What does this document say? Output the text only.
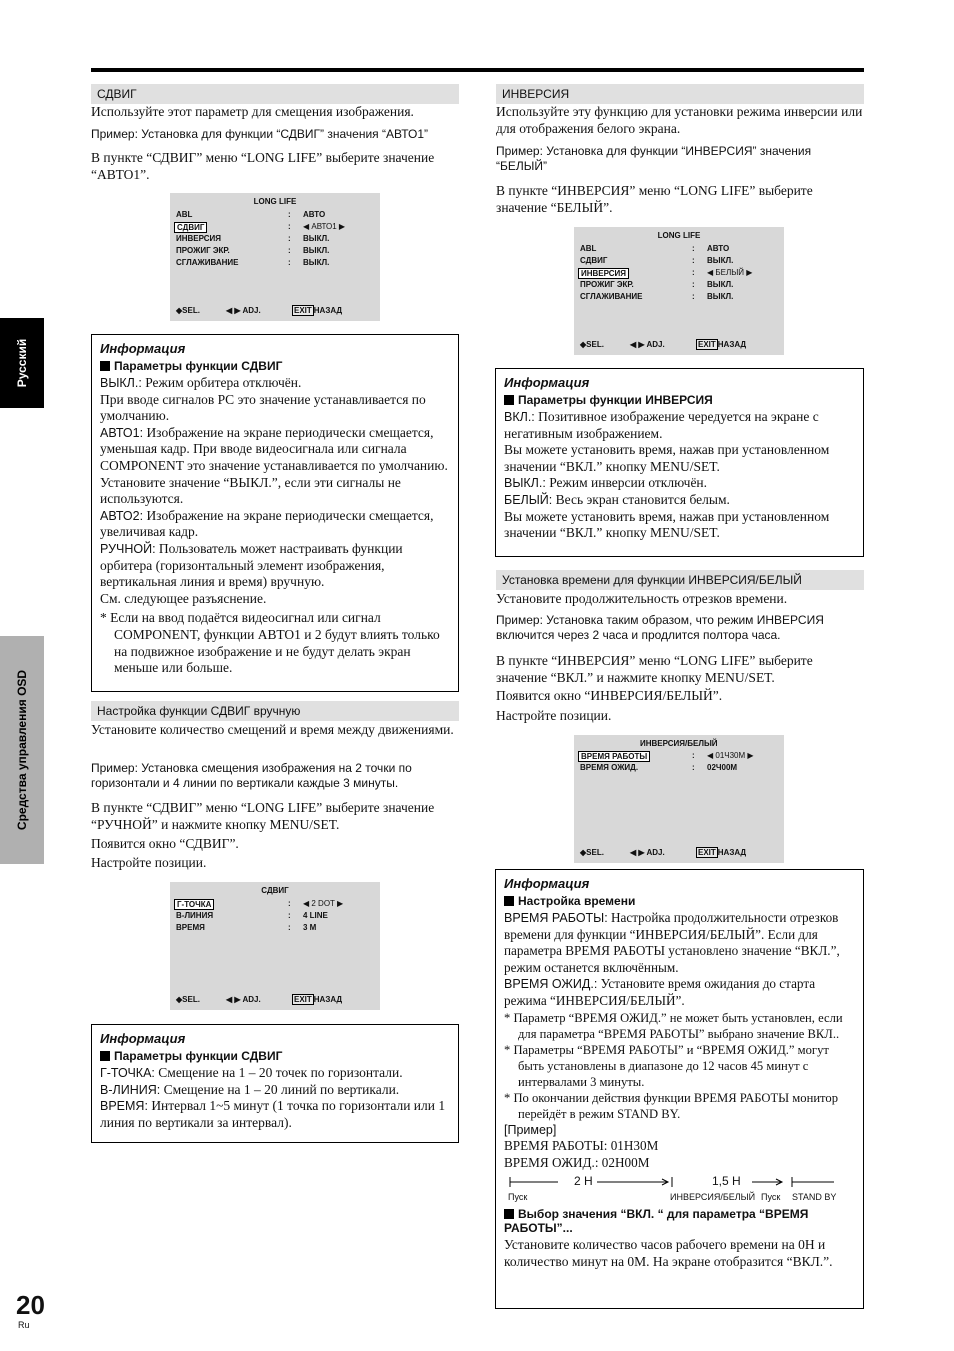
Русский
Средства управления OSD
СДВИГ

Используйте этот параметр для смещения изображения.

Пример: Установка для функции “СДВИГ” значения “АВТО1”

В пункте “СДВИГ” меню “LONG LIFE” выберите значение “АВТО1”.

LONG LIFE
ABL	: АВТО
СДВИГ	: ◀ АВТО1 ▶
ИНВЕРСИЯ	: ВЫКЛ.
ПРОЖИГ ЭКР.	: ВЫКЛ.
СГЛАЖИВАНИЕ	: ВЫКЛ.
◆SEL.	◀ ▶ ADJ.	EXIT НАЗАД
Информация
Параметры функции СДВИГ
ВЫКЛ.: Режим орбитера отключён.
При вводе сигналов PC это значение устанавливается по умолчанию.
АВТО1: Изображение на экране периодически смещается, уменьшая кадр. При вводе видеосигнала или сигнала COMPONENT это значение устанавливается по умолчанию. Установите значение “ВЫКЛ.”, если эти сигналы не используются.
АВТО2: Изображение на экране периодически смещается, увеличивая кадр.
РУЧНОЙ: Пользователь может настраивать функции орбитера (горизонтальный элемент изображения, вертикальная линия и время) вручную.
См. следующее разъяснение.
* Если на ввод подаётся видеосигнал или сигнал COMPONENT, функции АВТО1 и 2 будут влиять только на подвижное изображение и не будут делать экран меньше или больше.
Настройка функции СДВИГ вручную

Установите количество смещений и время между движениями.

Пример: Установка смещения изображения на 2 точки по горизонтали и 4 линии по вертикали каждые 3 минуты.

В пункте “СДВИГ” меню “LONG LIFE” выберите значение “РУЧНОЙ” и нажмите кнопку MENU/SET.

Появится окно “СДВИГ”.

Настройте позиции.

СДВИГ
Г-ТОЧКА	: ◀ 2 DOT ▶
В-ЛИНИЯ	: 4 LINE
ВРЕМЯ	: 3 M
◆SEL.	◀ ▶ ADJ.	EXIT НАЗАД
Информация
Параметры функции СДВИГ
Г-ТОЧКА: Смещение на 1 – 20 точек по горизонтали.
В-ЛИНИЯ: Смещение на 1 – 20 линий по вертикали.
ВРЕМЯ: Интервал 1~5 минут (1 точка по горизонтали или 1 линия по вертикали за интервал).
ИНВЕРСИЯ

Используйте эту функцию для установки режима инверсии или для отображения белого экрана.

Пример: Установка для функции “ИНВЕРСИЯ” значения “БЕЛЫЙ”

В пункте “ИНВЕРСИЯ” меню “LONG LIFE” выберите значение “БЕЛЫЙ”.

LONG LIFE
ABL	: АВТО
СДВИГ	: ВЫКЛ.
ИНВЕРСИЯ	: ◀ БЕЛЫЙ ▶
ПРОЖИГ ЭКР.	: ВЫКЛ.
СГЛАЖИВАНИЕ	: ВЫКЛ.
◆SEL.	◀ ▶ ADJ.	EXIT НАЗАД
Информация
Параметры функции ИНВЕРСИЯ
ВКЛ.: Позитивное изображение чередуется на экране с негативным изображением.
Вы можете установить время, нажав при установленном значении “ВКЛ.” кнопку MENU/SET.
ВЫКЛ.: Режим инверсии отключён.
БЕЛЫЙ: Весь экран становится белым.
Вы можете установить время, нажав при установленном значении “ВКЛ.” кнопку MENU/SET.
Установка времени для функции ИНВЕРСИЯ/БЕЛЫЙ

Установите продолжительность отрезков времени.

Пример: Установка таким образом, что режим ИНВЕРСИЯ включится через 2 часа и продлится полтора часа.

В пункте “ИНВЕРСИЯ” меню “LONG LIFE” выберите значение “ВКЛ.” и нажмите кнопку MENU/SET.

Появится окно “ИНВЕРСИЯ/БЕЛЫЙ”.

Настройте позиции.

ИНВЕРСИЯ/БЕЛЫЙ
ВРЕМЯ РАБОТЫ	: ◀ 01Ч30М ▶
ВРЕМЯ ОЖИД.	: 02Ч00М
◆SEL.	◀ ▶ ADJ.	EXIT НАЗАД
Информация
Настройка времени
ВРЕМЯ РАБОТЫ: Настройка продолжительности отрезков времени для функции “ИНВЕРСИЯ/БЕЛЫЙ”. Если для параметра ВРЕМЯ РАБОТЫ установлено значение “ВКЛ.”, режим останется включённым.
ВРЕМЯ ОЖИД.: Установите время ожидания до старта режима “ИНВЕРСИЯ/БЕЛЫЙ”.
* Параметр “ВРЕМЯ ОЖИД.” не может быть установлен, если для параметра “ВРЕМЯ РАБОТЫ” выбрано значение ВКЛ..
* Параметры “ВРЕМЯ РАБОТЫ” и “ВРЕМЯ ОЖИД.” могут быть установлены в диапазоне до 12 часов 45 минут с интервалами 3 минуты.
* По окончании действия функции ВРЕМЯ РАБОТЫ монитор перейдёт в режим STAND BY.
[Пример]
ВРЕМЯ РАБОТЫ: 01Н30М
ВРЕМЯ ОЖИД.: 02Н00М
2 H	1,5 H
Пуск	ИНВЕРСИЯ/БЕЛЫЙ Пуск STAND BY
Выбор значения “ВКЛ. “ для параметра “ВРЕМЯ РАБОТЫ”...
Установите количество часов рабочего времени на 0H и количество минут на 0M. На экране отобразится “ВКЛ.”.
20
Ru
